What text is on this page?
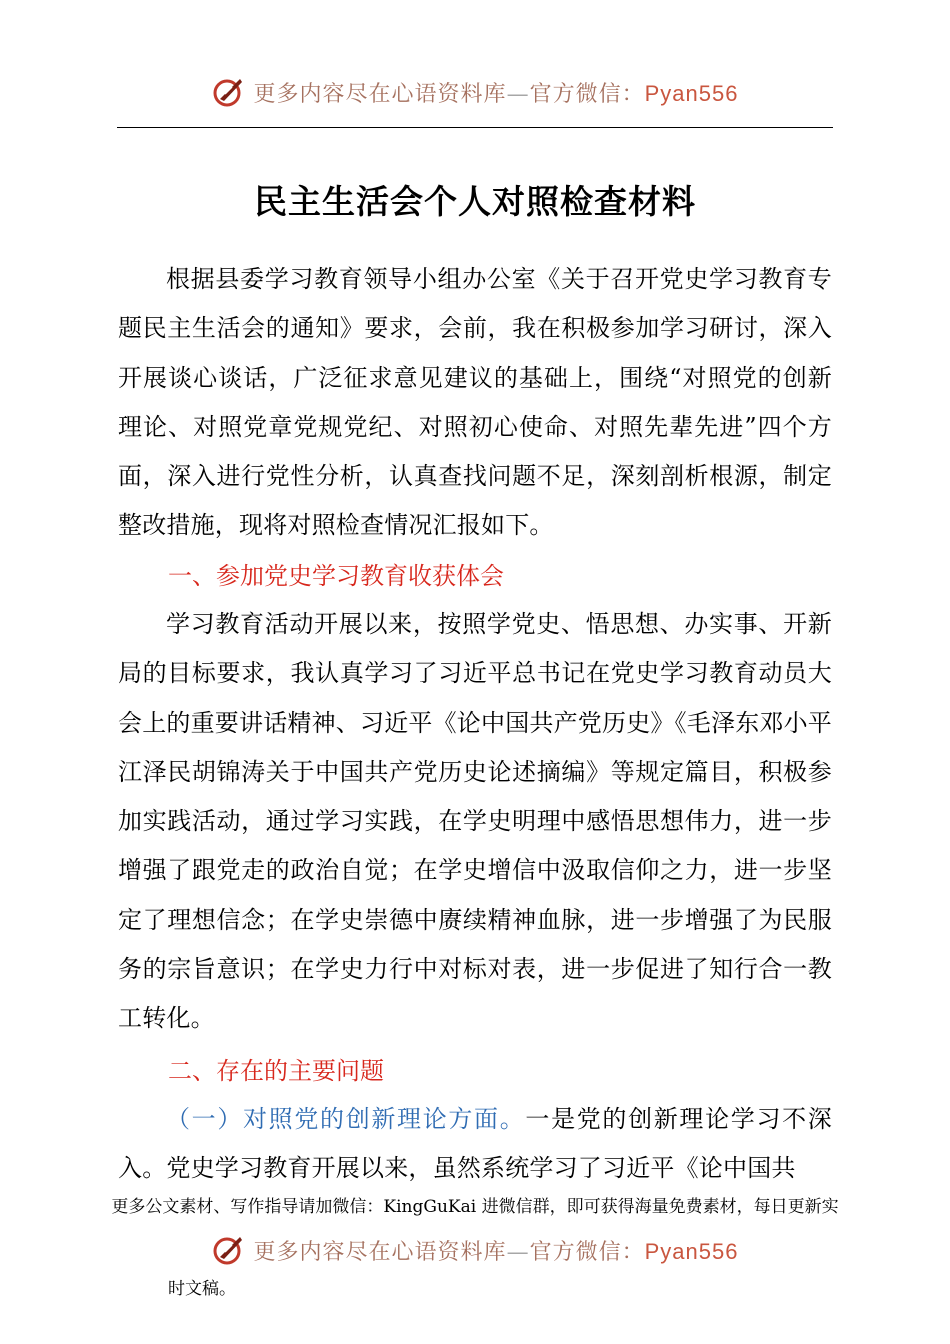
更多内容尽在心语资料库—官方微信：Pyan556
民主生活会个人对照检查材料

根据县委学习教育领导小组办公室《关于召开党史学习教育专题民主生活会的通知》要求，会前，我在积极参加学习研讨，深入开展谈心谈话，广泛征求意见建议的基础上，围绕“对照党的创新理论、对照党章党规党纪、对照初心使命、对照先辈先进”四个方面，深入进行党性分析，认真查找问题不足，深刻剖析根源，制定整改措施，现将对照检查情况汇报如下。

一、参加党史学习教育收获体会

学习教育活动开展以来，按照学党史、悟思想、办实事、开新局的目标要求，我认真学习了习近平总书记在党史学习教育动员大会上的重要讲话精神、习近平《论中国共产党历史》《毛泽东邓小平江泽民胡锦涛关于中国共产党历史论述摘编》等规定篇目，积极参加实践活动，通过学习实践，在学史明理中感悟思想伟力，进一步增强了跟党走的政治自觉；在学史增信中汲取信仰之力，进一步坚定了理想信念；在学史崇德中赓续精神血脉，进一步增强了为民服务的宗旨意识；在学史力行中对标对表，进一步促进了知行合一教工转化。

二、存在的主要问题

（一）对照党的创新理论方面。一是党的创新理论学习不深入。党史学习教育开展以来，虽然系统学习了习近平《论中国共

更多公文素材、写作指导请加微信：KingGuKai 进微信群，即可获得海量免费素材，每日更新实

更多内容尽在心语资料库—官方微信：Pyan556

时文稿。
